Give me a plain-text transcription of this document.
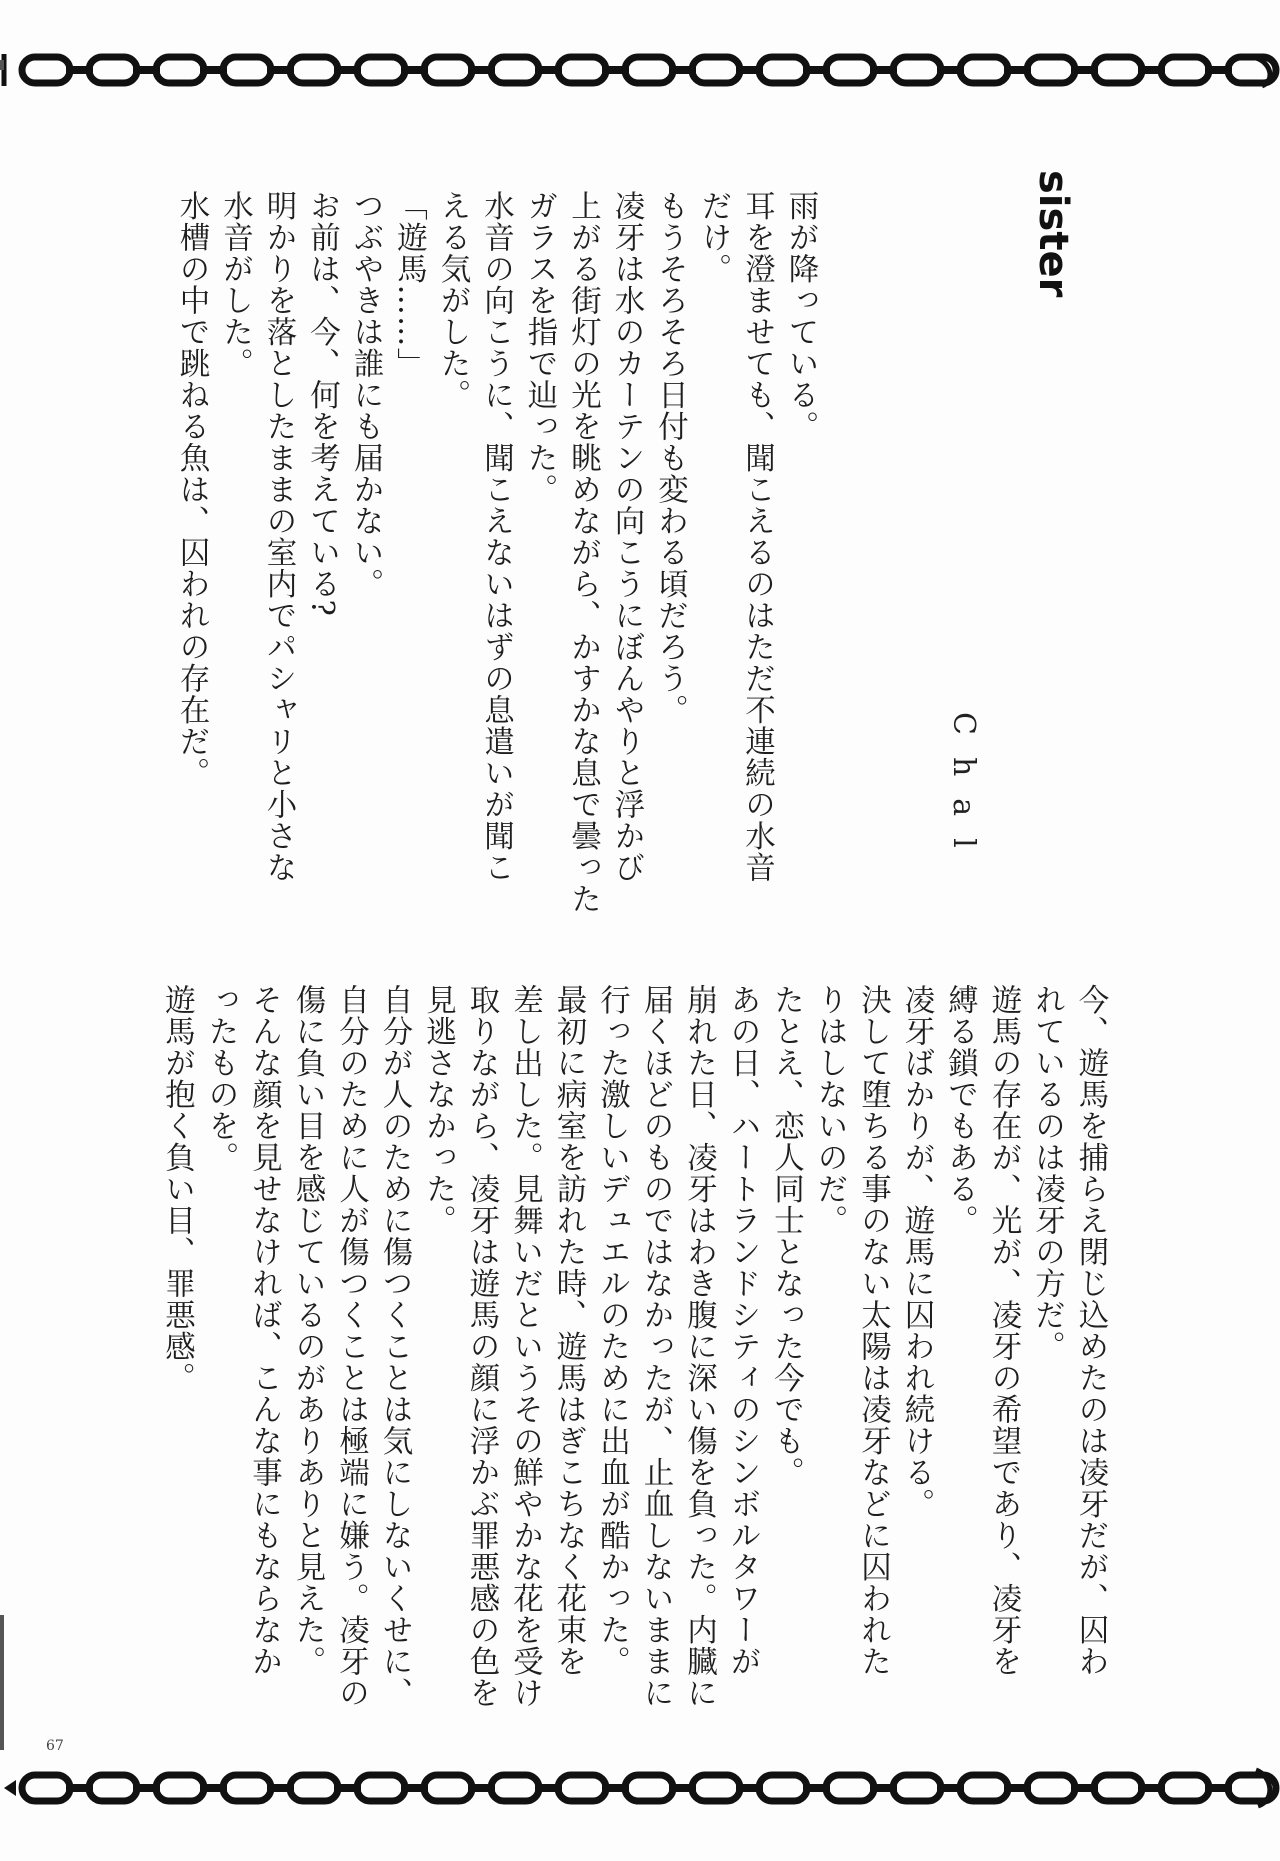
sister
Chal
雨が降っている。
耳を澄ませても、聞こえるのはただ不連続の水音
だけ。
もうそろそろ日付も変わる頃だろう。
凌牙は水のカーテンの向こうにぼんやりと浮かび
上がる街灯の光を眺めながら、かすかな息で曇った
ガラスを指で辿った。
水音の向こうに、聞こえないはずの息遣いが聞こ
える気がした。
「遊馬……」
つぶやきは誰にも届かない。
お前は、今、何を考えている?
明かりを落としたままの室内でパシャリと小さな
水音がした。
水槽の中で跳ねる魚は、囚われの存在だ。
今、遊馬を捕らえ閉じ込めたのは凌牙だが、囚わ
れているのは凌牙の方だ。
遊馬の存在が、光が、凌牙の希望であり、凌牙を
縛る鎖でもある。
凌牙ばかりが、遊馬に囚われ続ける。
決して堕ちる事のない太陽は凌牙などに囚われた
りはしないのだ。
たとえ、恋人同士となった今でも。
あの日、ハートランドシティのシンボルタワーが
崩れた日、凌牙はわき腹に深い傷を負った。内臓に
届くほどのものではなかったが、止血しないままに
行った激しいデュエルのために出血が酷かった。
最初に病室を訪れた時、遊馬はぎこちなく花束を
差し出した。見舞いだというその鮮やかな花を受け
取りながら、凌牙は遊馬の顔に浮かぶ罪悪感の色を
見逃さなかった。
自分が人のために傷つくことは気にしないくせに、
自分のために人が傷つくことは極端に嫌う。凌牙の
傷に負い目を感じているのがありありと見えた。
そんな顔を見せなければ、こんな事にもならなか
ったものを。
遊馬が抱く負い目、罪悪感。
67
